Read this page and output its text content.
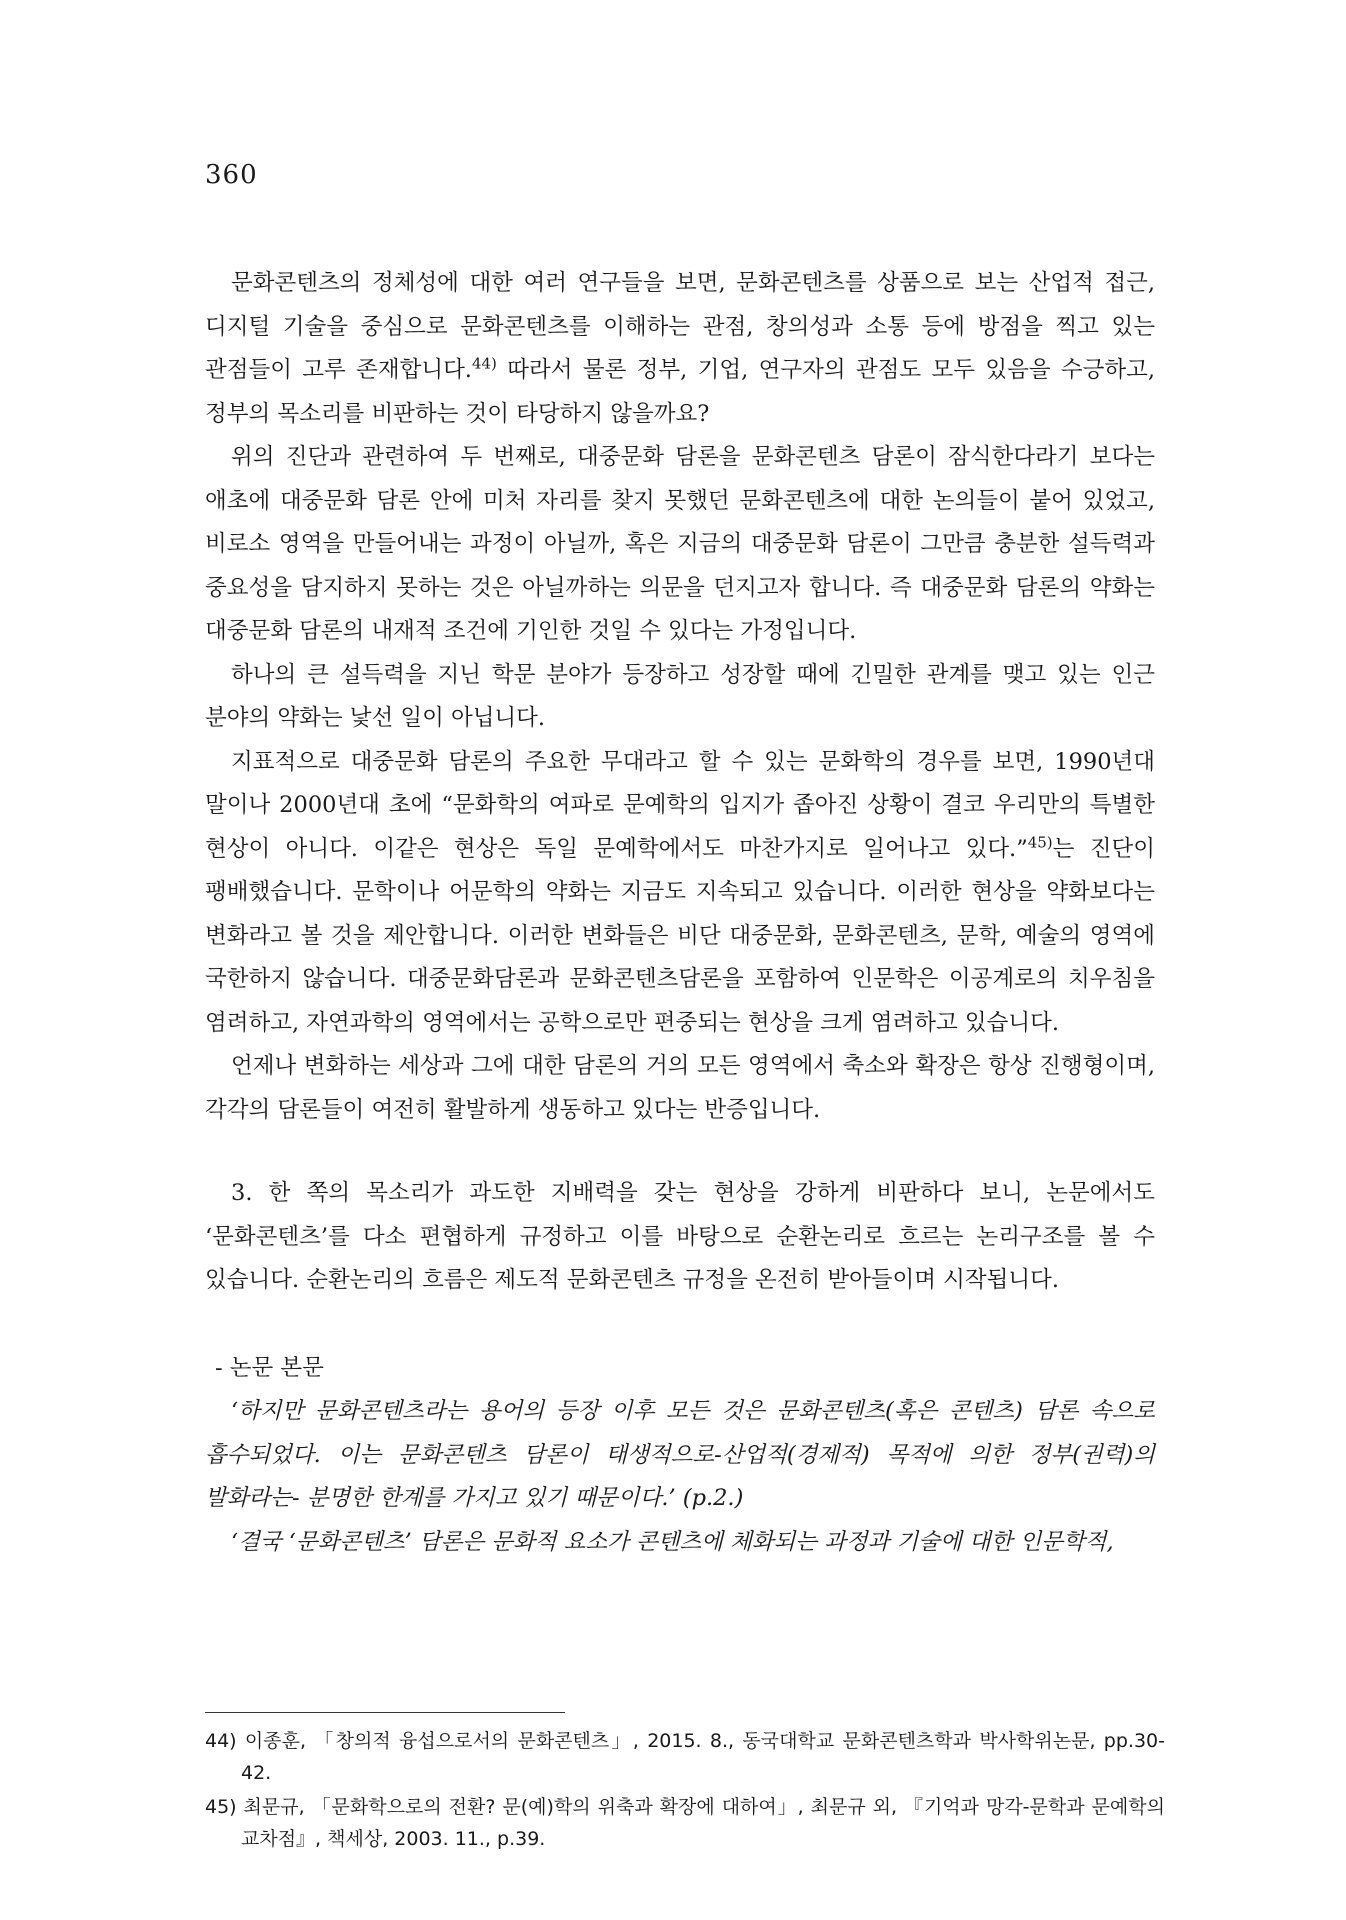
360

문화콘텐츠의 정체성에 대한 여러 연구들을 보면, 문화콘텐츠를 상품으로 보는 산업적 접근, 디지털 기술을 중심으로 문화콘텐츠를 이해하는 관점, 창의성과 소통 등에 방점을 찍고 있는 관점들이 고루 존재합니다.$^{44)}$ 따라서 물론 정부, 기업, 연구자의 관점도 모두 있음을 수긍하고, 정부의 목소리를 비판하는 것이 타당하지 않을까요?

위의 진단과 관련하여 두 번째로, 대중문화 담론을 문화콘텐츠 담론이 잠식한다라기 보다는 애초에 대중문화 담론 안에 미처 자리를 찾지 못했던 문화콘텐츠에 대한 논의들이 붙어 있었고, 비로소 영역을 만들어내는 과정이 아닐까, 혹은 지금의 대중문화 담론이 그만큼 충분한 설득력과 중요성을 담지하지 못하는 것은 아닐까하는 의문을 던지고자 합니다. 즉 대중문화 담론의 약화는 대중문화 담론의 내재적 조건에 기인한 것일 수 있다는 가정입니다.

하나의 큰 설득력을 지닌 학문 분야가 등장하고 성장할 때에 긴밀한 관계를 맺고 있는 인근 분야의 약화는 낯선 일이 아닙니다.

지표적으로 대중문화 담론의 주요한 무대라고 할 수 있는 문화학의 경우를 보면, 1990년대 말이나 2000년대 초에 “문화학의 여파로 문예학의 입지가 좁아진 상황이 결코 우리만의 특별한 현상이 아니다. 이같은 현상은 독일 문예학에서도 마찬가지로 일어나고 있다.”$^{45)}$는 진단이 팽배했습니다. 문학이나 어문학의 약화는 지금도 지속되고 있습니다. 이러한 현상을 약화보다는 변화라고 볼 것을 제안합니다. 이러한 변화들은 비단 대중문화, 문화콘텐츠, 문학, 예술의 영역에 국한하지 않습니다. 대중문화담론과 문화콘텐츠담론을 포함하여 인문학은 이공계로의 치우침을 염려하고, 자연과학의 영역에서는 공학으로만 편중되는 현상을 크게 염려하고 있습니다.

언제나 변화하는 세상과 그에 대한 담론의 거의 모든 영역에서 축소와 확장은 항상 진행형이며, 각각의 담론들이 여전히 활발하게 생동하고 있다는 반증입니다.

3. 한 쪽의 목소리가 과도한 지배력을 갖는 현상을 강하게 비판하다 보니, 논문에서도 ‘문화콘텐츠’를 다소 편협하게 규정하고 이를 바탕으로 순환논리로 흐르는 논리구조를 볼 수 있습니다. 순환논리의 흐름은 제도적 문화콘텐츠 규정을 온전히 받아들이며 시작됩니다.

- 논문 본문

‘하지만 문화콘텐츠라는 용어의 등장 이후 모든 것은 문화콘텐츠(혹은 콘텐츠) 담론 속으로 흡수되었다. 이는 문화콘텐츠 담론이 태생적으로-산업적(경제적) 목적에 의한 정부(권력)의 발화라는- 분명한 한계를 가지고 있기 때문이다.’ (p.2.)

‘결국 ‘문화콘텐츠’ 담론은 문화적 요소가 콘텐츠에 체화되는 과정과 기술에 대한 인문학적,

44) 이종훈, 「창의적 융섭으로서의 문화콘텐츠」, 2015. 8., 동국대학교 문화콘텐츠학과 박사학위논문, pp.30-42.

45) 최문규, 「문화학으로의 전환? 문(예)학의 위축과 확장에 대하여」, 최문규 외, 『기억과 망각-문학과 문예학의 교차점』, 책세상, 2003. 11., p.39.
